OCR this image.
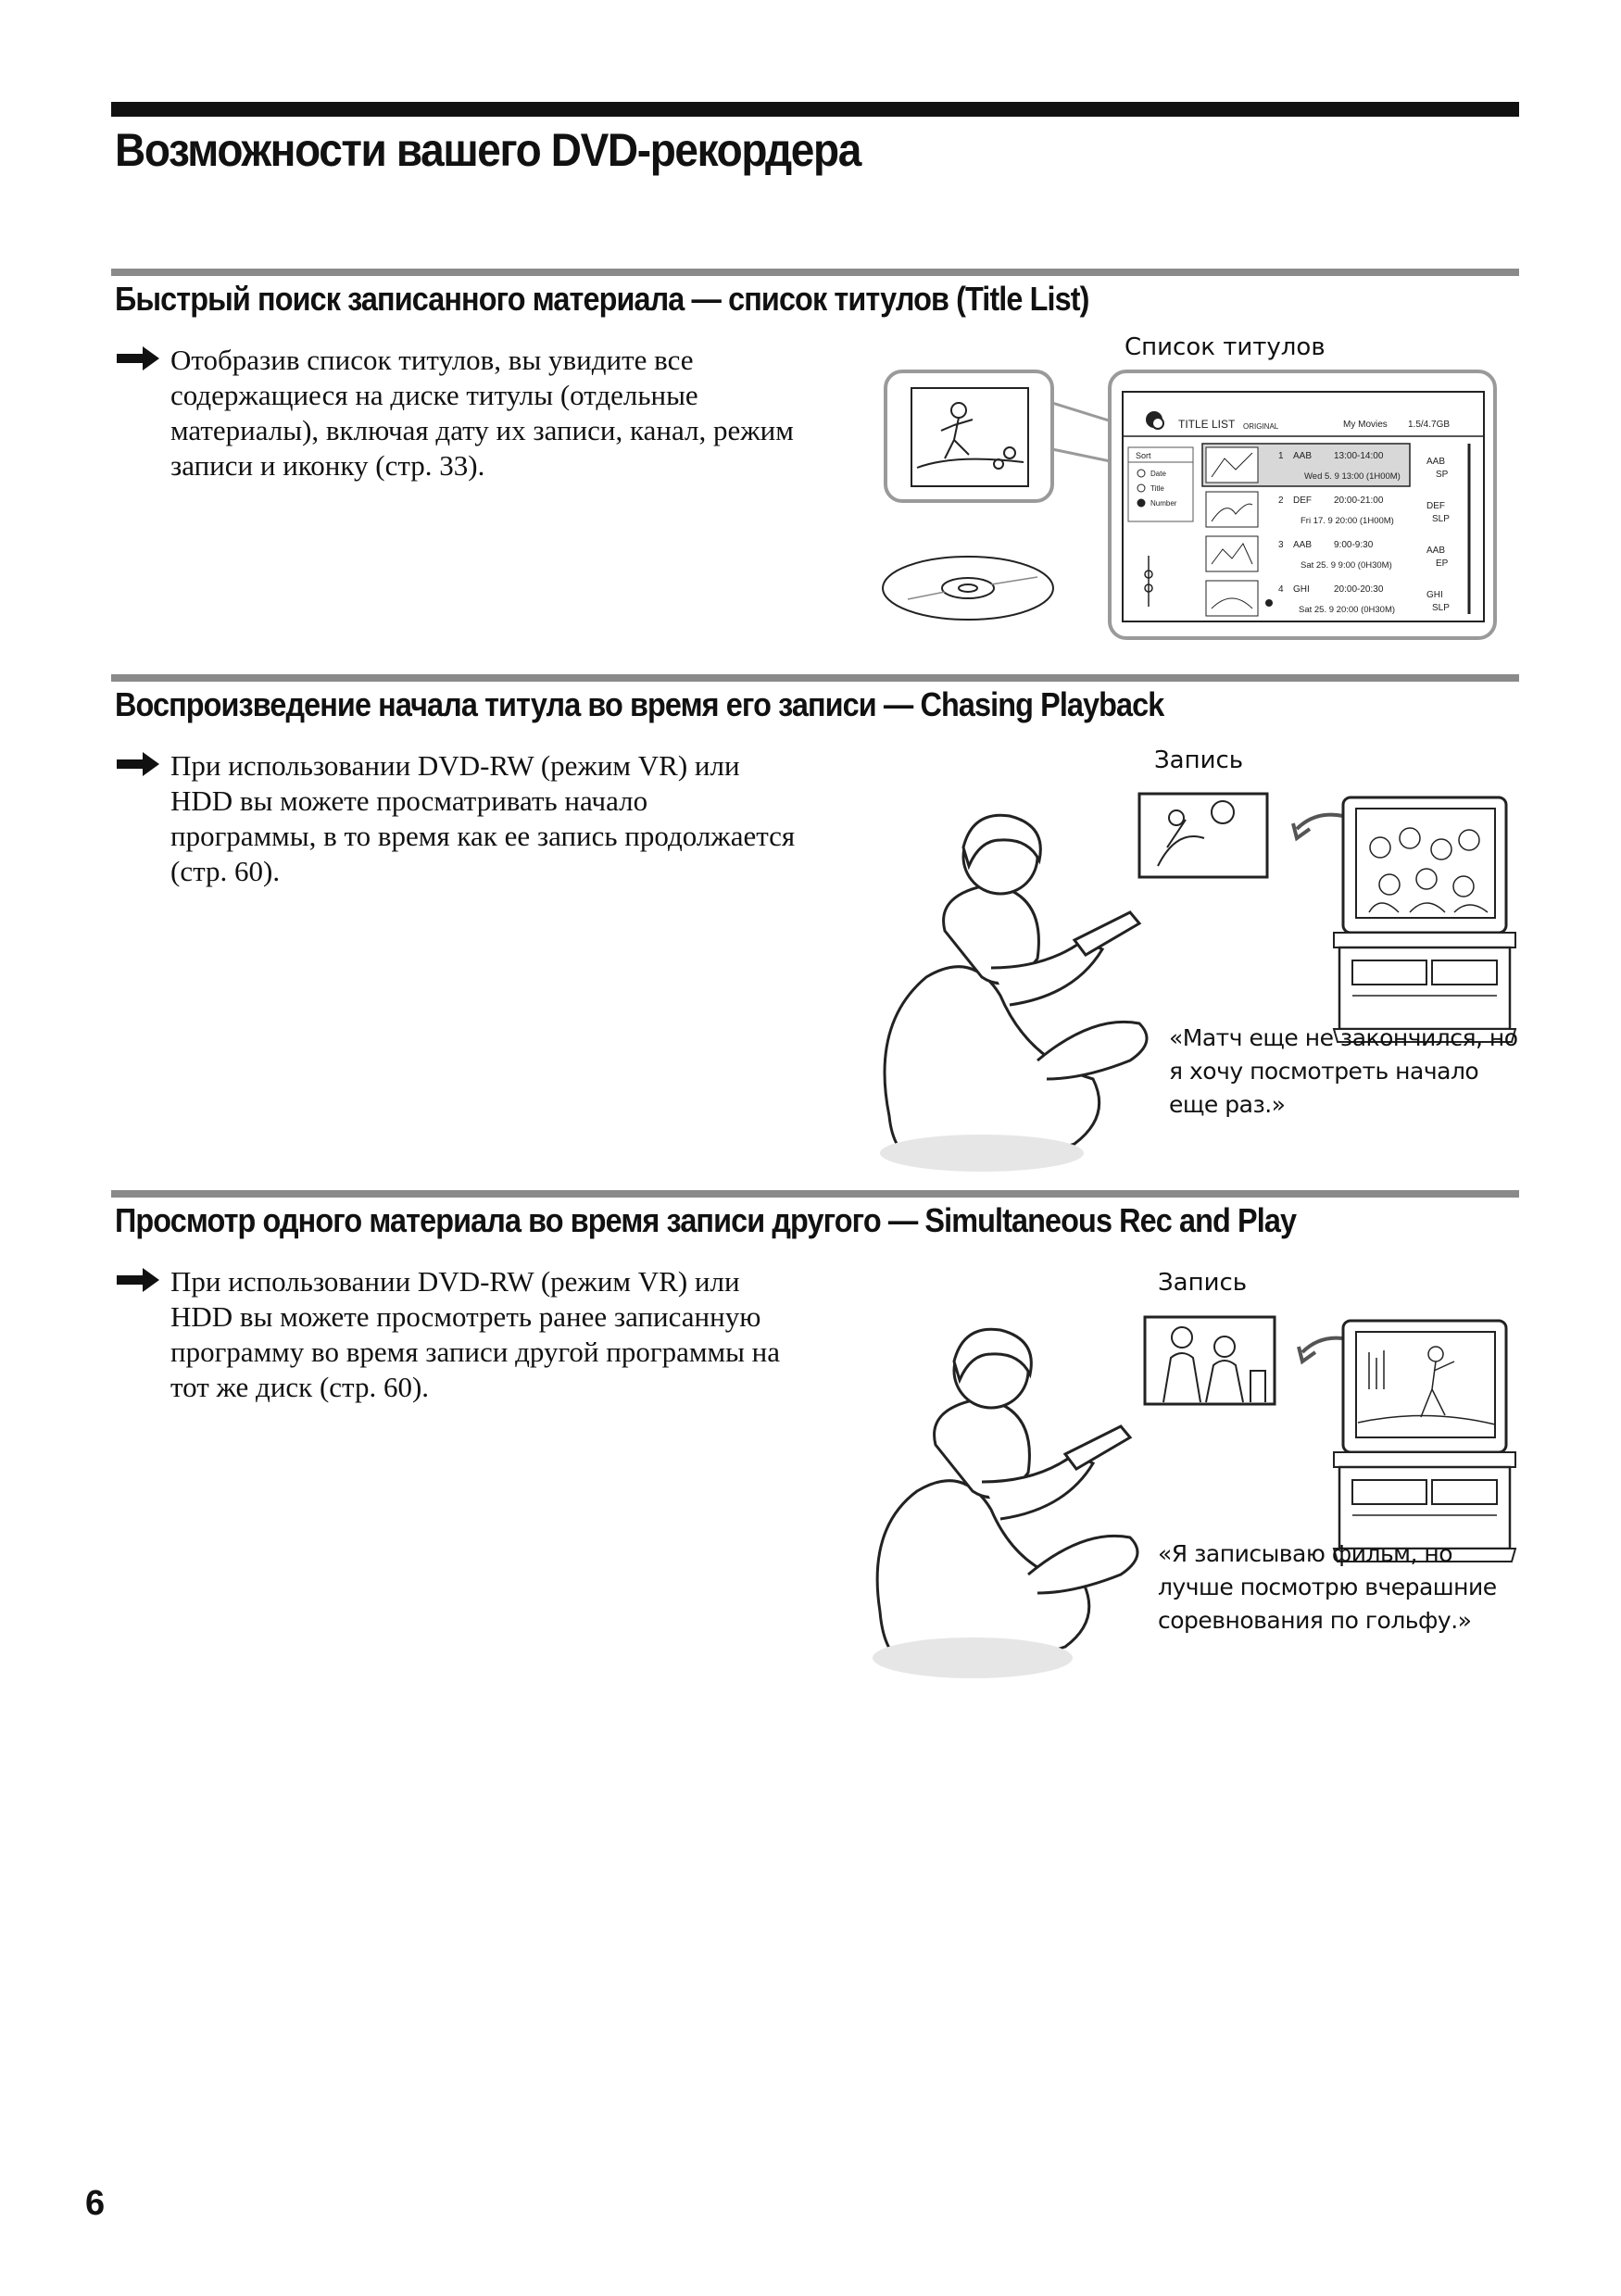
Возможности вашего DVD-рекордера
Быстрый поиск записанного материала — список титулов (Title List)

Отобразив список титулов, вы увидите все содержащиеся на диске титулы (отдельные материалы), включая дату их записи, канал, режим записи и иконку (стр. 33).

Список титулов

TITLE LIST ORIGINAL	My Movies 1.5/4.7GB
Sort
Date
Title
Number
1 AAB 13:00-14:00
Wed 5. 9 13:00 (1H00M)
AAB
SP
2 DEF 20:00-21:00
Fri 17. 9 20:00 (1H00M)
DEF
SLP
3 AAB 9:00-9:30
Sat 25. 9 9:00 (0H30M)
AAB
EP
4 GHI	20:00-20:30
Sat 25. 9 20:00 (0H30M)
GHI
SLP
Воспроизведение начала титула во время его записи — Chasing Playback

При использовании DVD-RW (режим VR) или HDD вы можете просматривать начало программы, в то время как ее запись продолжается (стр. 60).

Запись

«Матч еще не закончился, но я хочу посмотреть начало еще раз.»

Просмотр одного материала во время записи другого — Simultaneous Rec and Play

При использовании DVD-RW (режим VR) или HDD вы можете просмотреть ранее записанную программу во время записи другой программы на тот же диск (стр. 60).

Запись

«Я записываю фильм, но лучше посмотрю вчерашние соревнования по гольфу.»

6
